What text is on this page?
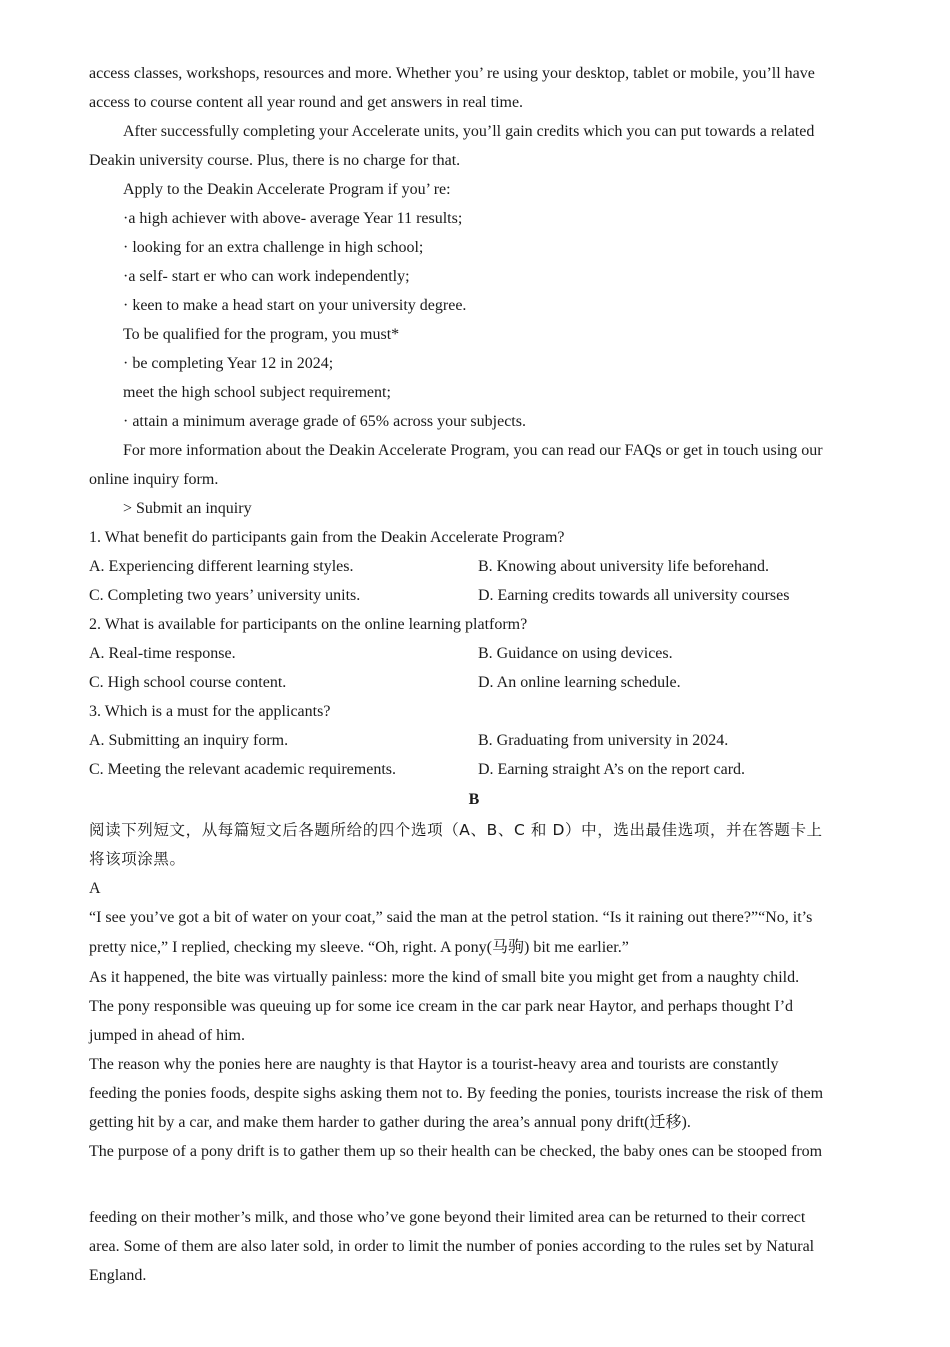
access classes, workshops, resources and more. Whether you’ re using your desktop, tablet or mobile, you’ll have
access to course content all year round and get answers in real time.
After successfully completing your Accelerate units, you’ll gain credits which you can put towards a related
Deakin university course. Plus, there is no charge for that.
Apply to the Deakin Accelerate Program if you’ re:
·a high achiever with above- average Year 11 results;
· looking for an extra challenge in high school;
·a self- start er who can work independently;
· keen to make a head start on your university degree.
To be qualified for the program, you must*
· be completing Year 12 in 2024;
meet the high school subject requirement;
· attain a minimum average grade of 65% across your subjects.
For more information about the Deakin Accelerate Program, you can read our FAQs or get in touch using our
online inquiry form.
> Submit an inquiry
1. What benefit do participants gain from the Deakin Accelerate Program?
A. Experiencing different learning styles.	B. Knowing about university life beforehand.
C. Completing two years’ university units.	D. Earning credits towards all university courses
2. What is available for participants on the online learning platform?
A. Real-time response.	B. Guidance on using devices.
C. High school course content.	D. An online learning schedule.
3. Which is a must for the applicants?
A. Submitting an inquiry form.	B. Graduating from university in 2024.
C. Meeting the relevant academic requirements.	D. Earning straight A’s on the report card.
B
阅读下列短文，从每篇短文后各题所给的四个选项（A、B、C 和 D）中，选出最佳选项，并在答题卡上
将该项涂黑。
A
“I see you’ve got a bit of water on your coat,” said the man at the petrol station. “Is it raining out there?”“No, it’s
pretty nice,” I replied, checking my sleeve. “Oh, right. A pony(马驹) bit me earlier.”
As it happened, the bite was virtually painless: more the kind of small bite you might get from a naughty child.
The pony responsible was queuing up for some ice cream in the car park near Haytor, and perhaps thought I’d
jumped in ahead of him.
The reason why the ponies here are naughty is that Haytor is a tourist-heavy area and tourists are constantly
feeding the ponies foods, despite sighs asking them not to. By feeding the ponies, tourists increase the risk of them
getting hit by a car, and make them harder to gather during the area’s annual pony drift(迁移).
The purpose of a pony drift is to gather them up so their health can be checked, the baby ones can be stooped from
feeding on their mother’s milk, and those who’ve gone beyond their limited area can be returned to their correct
area. Some of them are also later sold, in order to limit the number of ponies according to the rules set by Natural
England.
